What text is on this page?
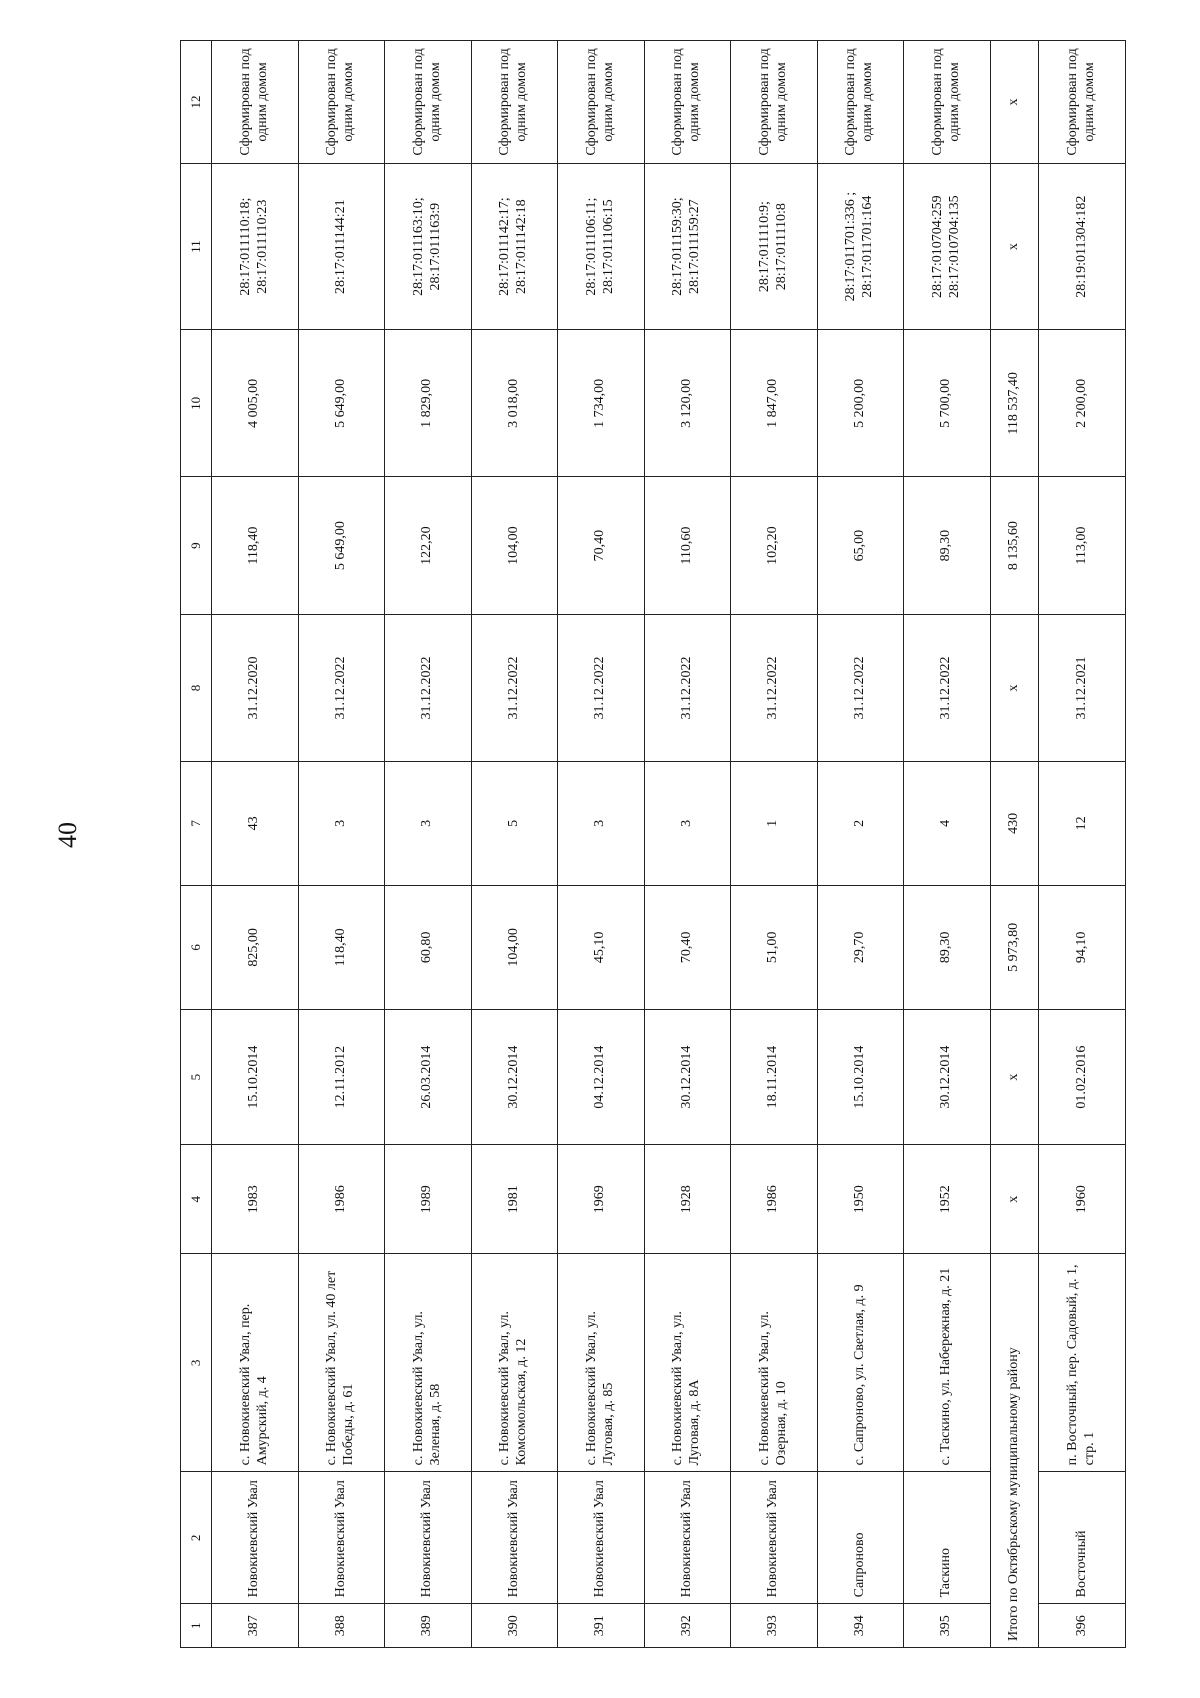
40
1	2	3	4	5	6	7	8	9	10	11	12
387	Новокиевский Увал	с. Новокиевский Увал, пер. Амурский, д. 4	1983	15.10.2014	825,00	43	31.12.2020	118,40	4 005,00	28:17:011110:18; 28:17:011110:23	Сформирован под одним домом
388	Новокиевский Увал	с. Новокиевский Увал, ул. 40 лет Победы, д. 61	1986	12.11.2012	118,40	3	31.12.2022	5 649,00	5 649,00	28:17:011144:21	Сформирован под одним домом
389	Новокиевский Увал	с. Новокиевский Увал, ул. Зеленая, д. 58	1989	26.03.2014	60,80	3	31.12.2022	122,20	1 829,00	28:17:011163:10; 28:17:011163:9	Сформирован под одним домом
390	Новокиевский Увал	с. Новокиевский Увал, ул. Комсомольская, д. 12	1981	30.12.2014	104,00	5	31.12.2022	104,00	3 018,00	28:17:011142:17; 28:17:011142:18	Сформирован под одним домом
391	Новокиевский Увал	с. Новокиевский Увал, ул. Луговая, д. 85	1969	04.12.2014	45,10	3	31.12.2022	70,40	1 734,00	28:17:011106:11; 28:17:011106:15	Сформирован под одним домом
392	Новокиевский Увал	с. Новокиевский Увал, ул. Луговая, д. 8А	1928	30.12.2014	70,40	3	31.12.2022	110,60	3 120,00	28:17:011159:30; 28:17:011159:27	Сформирован под одним домом
393	Новокиевский Увал	с. Новокиевский Увал, ул. Озерная, д. 10	1986	18.11.2014	51,00	1	31.12.2022	102,20	1 847,00	28:17:011110:9; 28:17:011110:8	Сформирован под одним домом
394	Сапроново	с. Сапроново, ул. Светлая, д. 9	1950	15.10.2014	29,70	2	31.12.2022	65,00	5 200,00	28:17:011701:336 ; 28:17:011701:164	Сформирован под одним домом
395	Таскино	с. Таскино, ул. Набережная, д. 21	1952	30.12.2014	89,30	4	31.12.2022	89,30	5 700,00	28:17:010704:259 28:17:010704:135	Сформирован под одним домом
Итого по Октябрьскому муниципальному району			x	x	5 973,80	430	x	8 135,60	118 537,40	x	x
396	Восточный	п. Восточный, пер. Садовый, д. 1, стр. 1	1960	01.02.2016	94,10	12	31.12.2021	113,00	2 200,00	28:19:011304:182	Сформирован под одним домом
